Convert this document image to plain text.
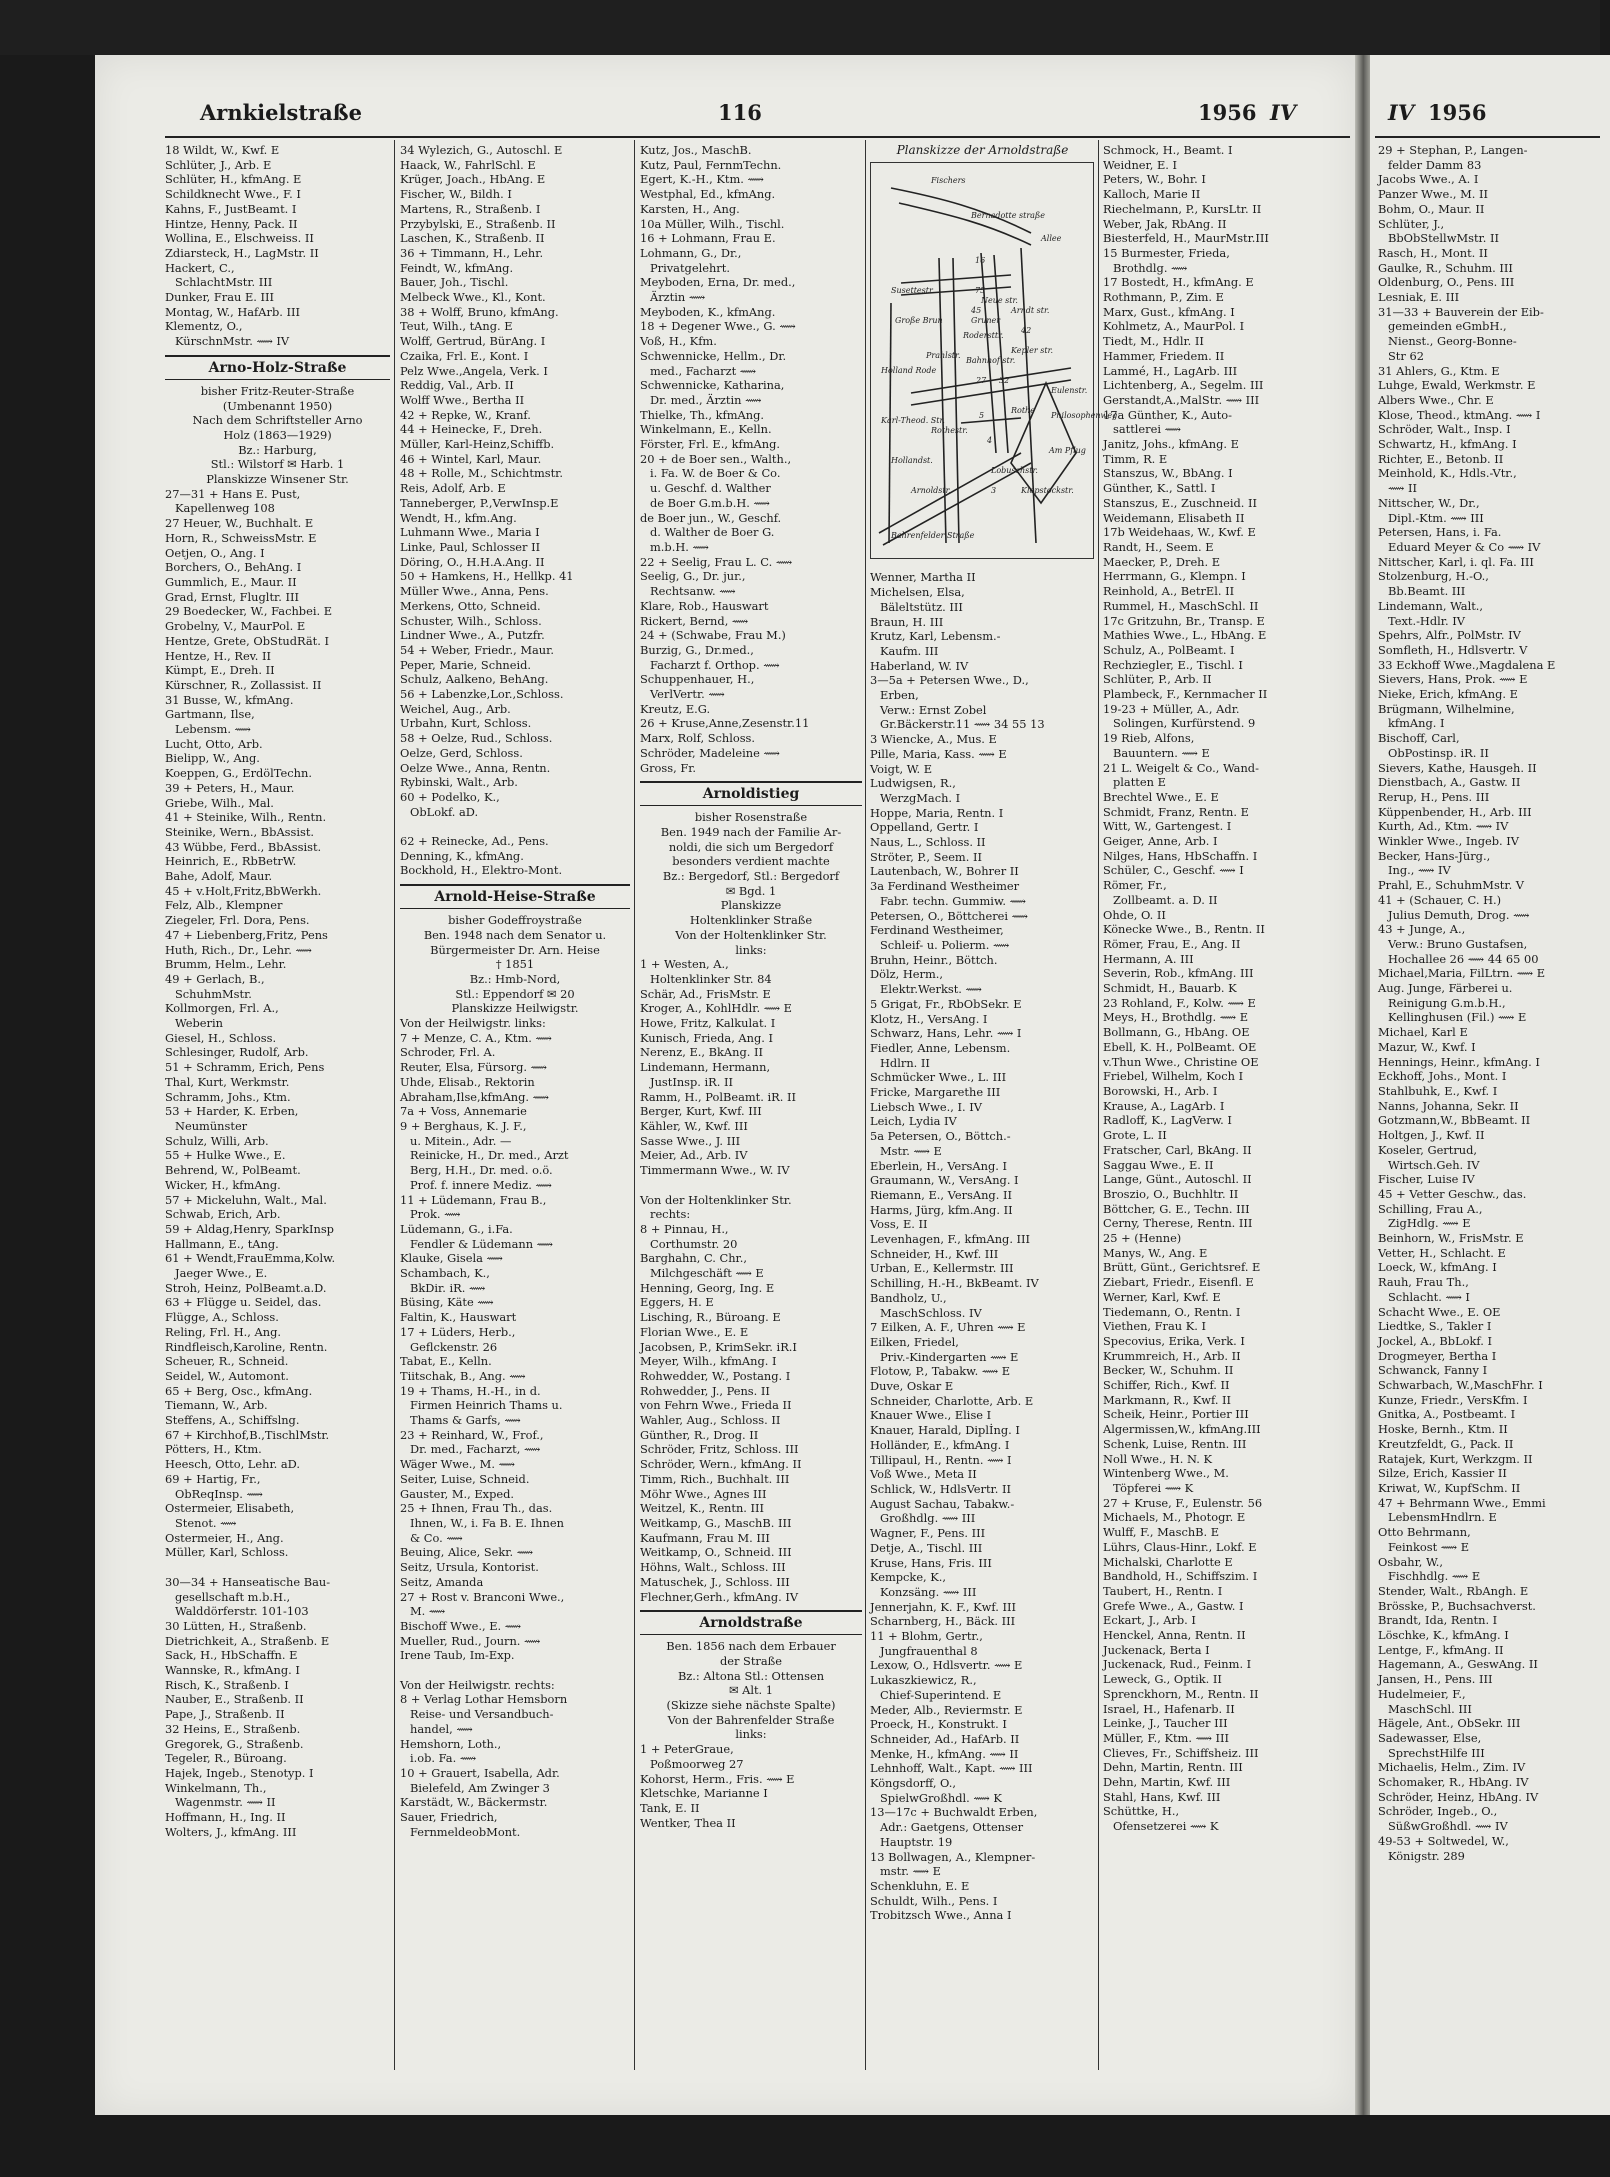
Arnkielstraße	116	1956 IV	IV 1956
18 Wildt, W., Kwf. E
Schlüter, J., Arb. E
Schlüter, H., kfmAng. E
Schildknecht Wwe., F. I
Kahns, F., JustBeamt. I
Hintze, Henny, Pack. II
Wollina, E., Elschweiss. II
Zdiarsteck, H., LagMstr. II
Hackert, C.,
SchlachtMstr. III
Dunker, Frau E. III
Montag, W., HafArb. III
Klementz, O.,
KürschnMstr. ⟿ IV
Arno-Holz-Straße
bisher Fritz-Reuter-Straße
(Umbenannt 1950)
Nach dem Schriftsteller Arno
Holz (1863—1929)
Bz.: Harburg,
Stl.: Wilstorf ✉ Harb. 1
Planskizze Winsener Str.
27—31 + Hans E. Pust,
Kapellenweg 108
27 Heuer, W., Buchhalt. E
Horn, R., SchweissMstr. E
Oetjen, O., Ang. I
Borchers, O., BehAng. I
Gummlich, E., Maur. II
Grad, Ernst, Flugltr. III
29 Boedecker, W., Fachbei. E
Grobelny, V., MaurPol. E
Hentze, Grete, ObStudRät. I
Hentze, H., Rev. II
Kümpt, E., Dreh. II
Kürschner, R., Zollassist. II
31 Busse, W., kfmAng.
Gartmann, Ilse,
Lebensm. ⟿
Lucht, Otto, Arb.
Bielipp, W., Ang.
Koeppen, G., ErdölTechn.
39 + Peters, H., Maur.
Griebe, Wilh., Mal.
41 + Steinike, Wilh., Rentn.
Steinike, Wern., BbAssist.
43 Wübbe, Ferd., BbAssist.
Heinrich, E., RbBetrW.
Bahe, Adolf, Maur.
45 + v.Holt,Fritz,BbWerkh.
Felz, Alb., Klempner
Ziegeler, Frl. Dora, Pens.
47 + Liebenberg,Fritz, Pens
Huth, Rich., Dr., Lehr. ⟿
Brumm, Helm., Lehr.
49 + Gerlach, B.,
SchuhmMstr.
Kollmorgen, Frl. A.,
Weberin
Giesel, H., Schloss.
Schlesinger, Rudolf, Arb.
51 + Schramm, Erich, Pens
Thal, Kurt, Werkmstr.
Schramm, Johs., Ktm.
53 + Harder, K. Erben,
Neumünster
Schulz, Willi, Arb.
55 + Hulke Wwe., E.
Behrend, W., PolBeamt.
Wicker, H., kfmAng.
57 + Mickeluhn, Walt., Mal.
Schwab, Erich, Arb.
59 + Aldag,Henry, SparkInsp
Hallmann, E., tAng.
61 + Wendt,FrauEmma,Kolw.
Jaeger Wwe., E.
Stroh, Heinz, PolBeamt.a.D.
63 + Flügge u. Seidel, das.
Flügge, A., Schloss.
Reling, Frl. H., Ang.
Rindfleisch,Karoline, Rentn.
Scheuer, R., Schneid.
Seidel, W., Automont.
65 + Berg, Osc., kfmAng.
Tiemann, W., Arb.
Steffens, A., Schiffslng.
67 + Kirchhof,B.,TischlMstr.
Pötters, H., Ktm.
Heesch, Otto, Lehr. aD.
69 + Hartig, Fr.,
ObReqInsp. ⟿
Ostermeier, Elisabeth,
Stenot. ⟿
Ostermeier, H., Ang.
Müller, Karl, Schloss.

30—34 + Hanseatische Bau-
gesellschaft m.b.H.,
Walddörferstr. 101-103
30 Lütten, H., Straßenb.
Dietrichkeit, A., Straßenb. E
Sack, H., HbSchaffn. E
Wannske, R., kfmAng. I
Risch, K., Straßenb. I
Nauber, E., Straßenb. II
Pape, J., Straßenb. II
32 Heins, E., Straßenb.
Gregorek, G., Straßenb.
Tegeler, R., Büroang.
Hajek, Ingeb., Stenotyp. I
Winkelmann, Th.,
Wagenmstr. ⟿ II
Hoffmann, H., Ing. II
Wolters, J., kfmAng. III
34 Wylezich, G., Autoschl. E
Haack, W., FahrlSchl. E
Krüger, Joach., HbAng. E
Fischer, W., Bildh. I
Martens, R., Straßenb. I
Przybylski, E., Straßenb. II
Laschen, K., Straßenb. II
36 + Timmann, H., Lehr.
Feindt, W., kfmAng.
Bauer, Joh., Tischl.
Melbeck Wwe., Kl., Kont.
38 + Wolff, Bruno, kfmAng.
Teut, Wilh., tAng. E
Wolff, Gertrud, BürAng. I
Czaika, Frl. E., Kont. I
Pelz Wwe.,Angela, Verk. I
Reddig, Val., Arb. II
Wolff Wwe., Bertha II
42 + Repke, W., Kranf.
44 + Heinecke, F., Dreh.
Müller, Karl-Heinz,Schiffb.
46 + Wintel, Karl, Maur.
48 + Rolle, M., Schichtmstr.
Reis, Adolf, Arb. E
Tanneberger, P.,VerwInsp.E
Wendt, H., kfm.Ang.
Luhmann Wwe., Maria I
Linke, Paul, Schlosser II
Döring, O., H.H.A.Ang. II
50 + Hamkens, H., Hellkp. 41
Müller Wwe., Anna, Pens.
Merkens, Otto, Schneid.
Schuster, Wilh., Schloss.
Lindner Wwe., A., Putzfr.
54 + Weber, Friedr., Maur.
Peper, Marie, Schneid.
Schulz, Aalkeno, BehAng.
56 + Labenzke,Lor.,Schloss.
Weichel, Aug., Arb.
Urbahn, Kurt, Schloss.
58 + Oelze, Rud., Schloss.
Oelze, Gerd, Schloss.
Oelze Wwe., Anna, Rentn.
Rybinski, Walt., Arb.
60 + Podelko, K.,
ObLokf. aD.

62 + Reinecke, Ad., Pens.
Denning, K., kfmAng.
Bockhold, H., Elektro-Mont.
Arnold-Heise-Straße
bisher Godeffroystraße
Ben. 1948 nach dem Senator u.
Bürgermeister Dr. Arn. Heise
† 1851
Bz.: Hmb-Nord,
Stl.: Eppendorf ✉ 20
Planskizze Heilwigstr.
Von der Heilwigstr. links:
7 + Menze, C. A., Ktm. ⟿
Schroder, Frl. A.
Reuter, Elsa, Fürsorg. ⟿
Uhde, Elisab., Rektorin
Abraham,Ilse,kfmAng. ⟿
7a + Voss, Annemarie
9 + Berghaus, K. J. F.,
u. Mitein., Adr. —
Reinicke, H., Dr. med., Arzt
Berg, H.H., Dr. med. o.ö.
Prof. f. innere Mediz. ⟿
11 + Lüdemann, Frau B.,
Prok. ⟿
Lüdemann, G., i.Fa.
Fendler & Lüdemann ⟿
Klauke, Gisela ⟿
Schambach, K.,
BkDir. iR. ⟿
Büsing, Käte ⟿
Faltin, K., Hauswart
17 + Lüders, Herb.,
Geflckenstr. 26
Tabat, E., Kelln.
Tiitschak, B., Ang. ⟿
19 + Thams, H.-H., in d.
Firmen Heinrich Thams u.
Thams & Garfs, ⟿
23 + Reinhard, W., Frof.,
Dr. med., Facharzt, ⟿
Wäger Wwe., M. ⟿
Seiter, Luise, Schneid.
Gauster, M., Exped.
25 + Ihnen, Frau Th., das.
Ihnen, W., i. Fa B. E. Ihnen
& Co. ⟿
Beuing, Alice, Sekr. ⟿
Seitz, Ursula, Kontorist.
Seitz, Amanda
27 + Rost v. Branconi Wwe.,
M. ⟿
Bischoff Wwe., E. ⟿
Mueller, Rud., Journ. ⟿
Irene Taub, Im-Exp.

Von der Heilwigstr. rechts:
8 + Verlag Lothar Hemsborn
Reise- und Versandbuch-
handel, ⟿
Hemshorn, Loth.,
i.ob. Fa. ⟿
10 + Grauert, Isabella, Adr.
Bielefeld, Am Zwinger 3
Karstädt, W., Bäckermstr.
Sauer, Friedrich,
FernmeldeobMont.
Kutz, Jos., MaschB.
Kutz, Paul, FernmTechn.
Egert, K.-H., Ktm. ⟿
Westphal, Ed., kfmAng.
Karsten, H., Ang.
10a Müller, Wilh., Tischl.
16 + Lohmann, Frau E.
Lohmann, G., Dr.,
Privatgelehrt.
Meyboden, Erna, Dr. med.,
Ärztin ⟿
Meyboden, K., kfmAng.
18 + Degener Wwe., G. ⟿
Voß, H., Kfm.
Schwennicke, Hellm., Dr.
med., Facharzt ⟿
Schwennicke, Katharina,
Dr. med., Ärztin ⟿
Thielke, Th., kfmAng.
Winkelmann, E., Kelln.
Förster, Frl. E., kfmAng.
20 + de Boer sen., Walth.,
i. Fa. W. de Boer & Co.
u. Geschf. d. Walther
de Boer G.m.b.H. ⟿
de Boer jun., W., Geschf.
d. Walther de Boer G.
m.b.H. ⟿
22 + Seelig, Frau L. C. ⟿
Seelig, G., Dr. jur.,
Rechtsanw. ⟿
Klare, Rob., Hauswart
Rickert, Bernd, ⟿
24 + (Schwabe, Frau M.)
Burzig, G., Dr.med.,
Facharzt f. Orthop. ⟿
Schuppenhauer, H.,
VerlVertr. ⟿
Kreutz, E.G.
26 + Kruse,Anne,Zesenstr.11
Marx, Rolf, Schloss.
Schröder, Madeleine ⟿
Gross, Fr.
Arnoldistieg
bisher Rosenstraße
Ben. 1949 nach der Familie Ar-
noldi, die sich um Bergedorf
besonders verdient machte
Bz.: Bergedorf, Stl.: Bergedorf
✉ Bgd. 1
Planskizze
Holtenklinker Straße
Von der Holtenklinker Str.
links:
1 + Westen, A.,
Holtenklinker Str. 84
Schär, Ad., FrisMstr. E
Kroger, A., KohlHdlr. ⟿ E
Howe, Fritz, Kalkulat. I
Kunisch, Frieda, Ang. I
Nerenz, E., BkAng. II
Lindemann, Hermann,
JustInsp. iR. II
Ramm, H., PolBeamt. iR. II
Berger, Kurt, Kwf. III
Kähler, W., Kwf. III
Sasse Wwe., J. III
Meier, Ad., Arb. IV
Timmermann Wwe., W. IV

Von der Holtenklinker Str.
rechts:
8 + Pinnau, H.,
Corthumstr. 20
Barghahn, C. Chr.,
Milchgeschäft ⟿ E
Henning, Georg, Ing. E
Eggers, H. E
Lisching, R., Büroang. E
Florian Wwe., E. E
Jacobsen, P., KrimSekr. iR.I
Meyer, Wilh., kfmAng. I
Rohwedder, W., Postang. I
Rohwedder, J., Pens. II
von Fehrn Wwe., Frieda II
Wahler, Aug., Schloss. II
Günther, R., Drog. II
Schröder, Fritz, Schloss. III
Schröder, Wern., kfmAng. II
Timm, Rich., Buchhalt. III
Möhr Wwe., Agnes III
Weitzel, K., Rentn. III
Weitkamp, G., MaschB. III
Kaufmann, Frau M. III
Weitkamp, O., Schneid. III
Höhns, Walt., Schloss. III
Matuschek, J., Schloss. III
Flechner,Gerh., kfmAng. IV
Arnoldstraße
Ben. 1856 nach dem Erbauer
der Straße
Bz.: Altona Stl.: Ottensen
✉ Alt. 1
(Skizze siehe nächste Spalte)
Von der Bahrenfelder Straße
links:
1 + PeterGraue,
Poßmoorweg 27
Kohorst, Herm., Fris. ⟿ E
Kletschke, Marianne I
Tank, E. II
Wentker, Thea II
Planskizze der Arnoldstraße
Fischers
Bernadotte straße
Allee
Susettestr.
Große Brun
Rodersttr.
Prahlstr.
Holland Rode
Bahnhof str.
Rothestr.
Kepler str.
Hollandst.
Arnoldstr.
Bahrenfelder Straße
Klopstockstr.
Am Pflug
Philosophenweg
Karl-Theod. Str.
Lobuschstr.
Eulenstr.
Rothe
Neue str.
Gruner
Arndt str.
16
75
45
42
27 32
5
4
3
Wenner, Martha II
Michelsen, Elsa,
Bäleltstütz. III
Braun, H. III
Krutz, Karl, Lebensm.-
Kaufm. III
Haberland, W. IV
3—5a + Petersen Wwe., D.,
Erben,
Verw.: Ernst Zobel
Gr.Bäckerstr.11 ⟿ 34 55 13
3 Wiencke, A., Mus. E
Pille, Maria, Kass. ⟿ E
Voigt, W. E
Ludwigsen, R.,
WerzgMach. I
Hoppe, Maria, Rentn. I
Oppelland, Gertr. I
Naus, L., Schloss. II
Ströter, P., Seem. II
Lautenbach, W., Bohrer II
3a Ferdinand Westheimer
Fabr. techn. Gummiw. ⟿
Petersen, O., Böttcherei ⟿
Ferdinand Westheimer,
Schleif- u. Polierm. ⟿
Bruhn, Heinr., Böttch.
Dölz, Herm.,
Elektr.Werkst. ⟿
5 Grigat, Fr., RbObSekr. E
Klotz, H., VersAng. I
Schwarz, Hans, Lehr. ⟿ I
Fiedler, Anne, Lebensm.
Hdlrn. II
Schmücker Wwe., L. III
Fricke, Margarethe III
Liebsch Wwe., I. IV
Leich, Lydia IV
5a Petersen, O., Böttch.-
Mstr. ⟿ E
Eberlein, H., VersAng. I
Graumann, W., VersAng. I
Riemann, E., VersAng. II
Harms, Jürg, kfm.Ang. II
Voss, E. II
Levenhagen, F., kfmAng. III
Schneider, H., Kwf. III
Urban, E., Kellermstr. III
Schilling, H.-H., BkBeamt. IV
Bandholz, U.,
MaschSchloss. IV
7 Eilken, A. F., Uhren ⟿ E
Eilken, Friedel,
Priv.-Kindergarten ⟿ E
Flotow, P., Tabakw. ⟿ E
Duve, Oskar E
Schneider, Charlotte, Arb. E
Knauer Wwe., Elise I
Knauer, Harald, Diplİng. I
Holländer, E., kfmAng. I
Tillipaul, H., Rentn. ⟿ I
Voß Wwe., Meta II
Schlick, W., HdlsVertr. II
August Sachau, Tabakw.-
Großhdlg. ⟿ III
Wagner, F., Pens. III
Detje, A., Tischl. III
Kruse, Hans, Fris. III
Kempcke, K.,
Konzsäng. ⟿ III
Jennerjahn, K. F., Kwf. III
Scharnberg, H., Bäck. III
11 + Blohm, Gertr.,
Jungfrauenthal 8
Lexow, O., Hdlsvertr. ⟿ E
Lukaszkiewicz, R.,
Chief-Superintend. E
Meder, Alb., Reviermstr. E
Proeck, H., Konstrukt. I
Schneider, Ad., HafArb. II
Menke, H., kfmAng. ⟿ II
Lehnhoff, Walt., Kapt. ⟿ III
Köngsdorff, O.,
SpielwGroßhdl. ⟿ K
13—17c + Buchwaldt Erben,
Adr.: Gaetgens, Ottenser
Hauptstr. 19
13 Bollwagen, A., Klempner-
mstr. ⟿ E
Schenkluhn, E. E
Schuldt, Wilh., Pens. I
Trobitzsch Wwe., Anna I
Schmock, H., Beamt. I
Weidner, E. I
Peters, W., Bohr. I
Kalloch, Marie II
Riechelmann, P., KursLtr. II
Weber, Jak, RbAng. II
Biesterfeld, H., MaurMstr.III
15 Burmester, Frieda,
Brothdlg. ⟿
17 Bostedt, H., kfmAng. E
Rothmann, P., Zim. E
Marx, Gust., kfmAng. I
Kohlmetz, A., MaurPol. I
Tiedt, M., Hdlr. II
Hammer, Friedem. II
Lammé, H., LagArb. III
Lichtenberg, A., Segelm. III
Gerstandt,A.,MalStr. ⟿ III
17a Günther, K., Auto-
sattlerei ⟿
Janitz, Johs., kfmAng. E
Timm, R. E
Stanszus, W., BbAng. I
Günther, K., Sattl. I
Stanszus, E., Zuschneid. II
Weidemann, Elisabeth II
17b Weidehaas, W., Kwf. E
Randt, H., Seem. E
Maecker, P., Dreh. E
Herrmann, G., Klempn. I
Reinhold, A., BetrEl. II
Rummel, H., MaschSchl. II
17c Gritzuhn, Br., Transp. E
Mathies Wwe., L., HbAng. E
Schulz, A., PolBeamt. I
Rechziegler, E., Tischl. I
Schlüter, P., Arb. II
Plambeck, F., Kernmacher II
19-23 + Müller, A., Adr.
Solingen, Kurfürstend. 9
19 Rieb, Alfons,
Bauuntern. ⟿ E
21 L. Weigelt & Co., Wand-
platten E
Brechtel Wwe., E. E
Schmidt, Franz, Rentn. E
Witt, W., Gartengest. I
Geiger, Anne, Arb. I
Nilges, Hans, HbSchaffn. I
Schüler, C., Geschf. ⟿ I
Römer, Fr.,
Zollbeamt. a. D. II
Ohde, O. II
Könecke Wwe., B., Rentn. II
Römer, Frau, E., Ang. II
Hermann, A. III
Severin, Rob., kfmAng. III
Schmidt, H., Bauarb. K
23 Rohland, F., Kolw. ⟿ E
Meys, H., Brothdlg. ⟿ E
Bollmann, G., HbAng. OE
Ebell, K. H., PolBeamt. OE
v.Thun Wwe., Christine OE
Friebel, Wilhelm, Koch I
Borowski, H., Arb. I
Krause, A., LagArb. I
Radloff, K., LagVerw. I
Grote, L. II
Fratscher, Carl, BkAng. II
Saggau Wwe., E. II
Lange, Günt., Autoschl. II
Broszio, O., Buchhltr. II
Böttcher, G. E., Techn. III
Cerny, Therese, Rentn. III
25 + (Henne)
Manys, W., Ang. E
Brütt, Günt., Gerichtsref. E
Ziebart, Friedr., Eisenfl. E
Werner, Karl, Kwf. E
Tiedemann, O., Rentn. I
Viethen, Frau K. I
Specovius, Erika, Verk. I
Krummreich, H., Arb. II
Becker, W., Schuhm. II
Schiffer, Rich., Kwf. II
Markmann, R., Kwf. II
Scheik, Heinr., Portier III
Algermissen,W., kfmAng.III
Schenk, Luise, Rentn. III
Noll Wwe., H. N. K
Wintenberg Wwe., M.
Töpferei ⟿ K
27 + Kruse, F., Eulenstr. 56
Michaels, M., Photogr. E
Wulff, F., MaschB. E
Lührs, Claus-Hinr., Lokf. E
Michalski, Charlotte E
Bandhold, H., Schiffszim. I
Taubert, H., Rentn. I
Grefe Wwe., A., Gastw. I
Eckart, J., Arb. I
Henckel, Anna, Rentn. II
Juckenack, Berta I
Juckenack, Rud., Feinm. I
Leweck, G., Optik. II
Sprenckhorn, M., Rentn. II
Israel, H., Hafenarb. II
Leinke, J., Taucher III
Müller, F., Ktm. ⟿ III
Clieves, Fr., Schiffsheiz. III
Dehn, Martin, Rentn. III
Dehn, Martin, Kwf. III
Stahl, Hans, Kwf. III
Schüttke, H.,
Ofensetzerei ⟿ K
29 + Stephan, P., Langen-
felder Damm 83
Jacobs Wwe., A. I
Panzer Wwe., M. II
Bohm, O., Maur. II
Schlüter, J.,
BbObStellwMstr. II
Rasch, H., Mont. II
Gaulke, R., Schuhm. III
Oldenburg, O., Pens. III
Lesniak, E. III
31—33 + Bauverein der Eib-
gemeinden eGmbH.,
Nienst., Georg-Bonne-
Str 62
31 Ahlers, G., Ktm. E
Luhge, Ewald, Werkmstr. E
Albers Wwe., Chr. E
Klose, Theod., ktmAng. ⟿ I
Schröder, Walt., Insp. I
Schwartz, H., kfmAng. I
Richter, E., Betonb. II
Meinhold, K., Hdls.-Vtr.,
⟿ II
Nittscher, W., Dr.,
Dipl.-Ktm. ⟿ III
Petersen, Hans, i. Fa.
Eduard Meyer & Co ⟿ IV
Nittscher, Karl, i. ql. Fa. III
Stolzenburg, H.-O.,
Bb.Beamt. III
Lindemann, Walt.,
Text.-Hdlr. IV
Spehrs, Alfr., PolMstr. IV
Somfleth, H., Hdlsvertr. V
33 Eckhoff Wwe.,Magdalena E
Sievers, Hans, Prok. ⟿ E
Nieke, Erich, kfmAng. E
Brügmann, Wilhelmine,
kfmAng. I
Bischoff, Carl,
ObPostinsp. iR. II
Sievers, Kathe, Hausgeh. II
Dienstbach, A., Gastw. II
Rerup, H., Pens. III
Küppenbender, H., Arb. III
Kurth, Ad., Ktm. ⟿ IV
Winkler Wwe., Ingeb. IV
Becker, Hans-Jürg.,
Ing., ⟿ IV
Prahl, E., SchuhmMstr. V
41 + (Schauer, C. H.)
Julius Demuth, Drog. ⟿
43 + Junge, A.,
Verw.: Bruno Gustafsen,
Hochallee 26 ⟿ 44 65 00
Michael,Maria, FilLtrn. ⟿ E
Aug. Junge, Färberei u.
Reinigung G.m.b.H.,
Kellinghusen (Fil.) ⟿ E
Michael, Karl E
Mazur, W., Kwf. I
Hennings, Heinr., kfmAng. I
Eckhoff, Johs., Mont. I
Stahlbuhk, E., Kwf. I
Nanns, Johanna, Sekr. II
Gotzmann,W., BbBeamt. II
Holtgen, J., Kwf. II
Koseler, Gertrud,
Wirtsch.Geh. IV
Fischer, Luise IV
45 + Vetter Geschw., das.
Schilling, Frau A.,
ZigHdlg. ⟿ E
Beinhorn, W., FrisMstr. E
Vetter, H., Schlacht. E
Loeck, W., kfmAng. I
Rauh, Frau Th.,
Schlacht. ⟿ I
Schacht Wwe., E. OE
Liedtke, S., Takler I
Jockel, A., BbLokf. I
Drogmeyer, Bertha I
Schwanck, Fanny I
Schwarbach, W.,MaschFhr. I
Kunze, Friedr., VersKfm. I
Gnitka, A., Postbeamt. I
Hoske, Bernh., Ktm. II
Kreutzfeldt, G., Pack. II
Ratajek, Kurt, Werkzgm. II
Silze, Erich, Kassier II
Kriwat, W., KupfSchm. II
47 + Behrmann Wwe., Emmi
LebensmHndlrn. E
Otto Behrmann,
Feinkost ⟿ E
Osbahr, W.,
Fischhdlg. ⟿ E
Stender, Walt., RbAngh. E
Brösske, P., Buchsachverst.
Brandt, Ida, Rentn. I
Löschke, K., kfmAng. I
Lentge, F., kfmAng. II
Hagemann, A., GeswAng. II
Jansen, H., Pens. III
Hudelmeier, F.,
MaschSchl. III
Hägele, Ant., ObSekr. III
Sadewasser, Else,
SprechstHilfe III
Michaelis, Helm., Zim. IV
Schomaker, R., HbAng. IV
Schröder, Heinz, HbAng. IV
Schröder, Ingeb., O.,
SüßwGroßhdl. ⟿ IV
49-53 + Soltwedel, W.,
Königstr. 289
